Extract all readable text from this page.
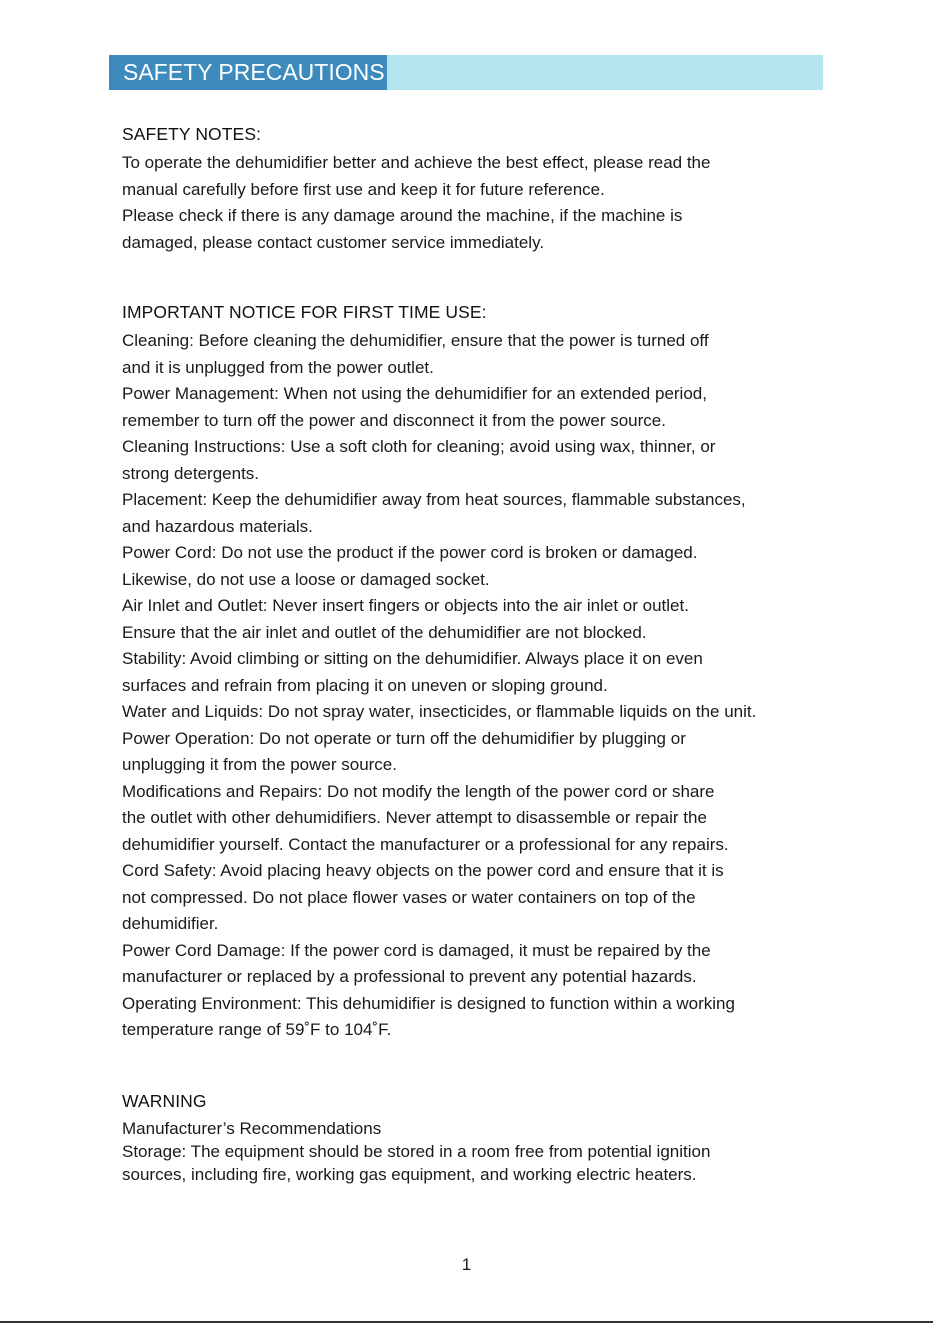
SAFETY PRECAUTIONS
SAFETY NOTES:

To operate the dehumidifier better and achieve the best effect, please read the

manual carefully before first use and keep it for future reference.

Please check if there is any damage around the machine, if the machine is

damaged, please contact customer service immediately.

IMPORTANT NOTICE FOR FIRST TIME USE:

Cleaning: Before cleaning the dehumidifier, ensure that the power is turned off

and it is unplugged from the power outlet.

Power Management: When not using the dehumidifier for an extended period,

remember to turn off the power and disconnect it from the power source.

Cleaning Instructions: Use a soft cloth for cleaning; avoid using wax, thinner, or

strong detergents.

Placement: Keep the dehumidifier away from heat sources, flammable substances,

and hazardous materials.

Power Cord: Do not use the product if the power cord is broken or damaged.

Likewise, do not use a loose or damaged socket.

Air Inlet and Outlet: Never insert fingers or objects into the air inlet or outlet.

Ensure that the air inlet and outlet of the dehumidifier are not blocked.

Stability: Avoid climbing or sitting on the dehumidifier. Always place it on even

surfaces and refrain from placing it on uneven or sloping ground.

Water and Liquids: Do not spray water, insecticides, or flammable liquids on the unit.

Power Operation: Do not operate or turn off the dehumidifier by plugging or

unplugging it from the power source.

Modifications and Repairs: Do not modify the length of the power cord or share

the outlet with other dehumidifiers. Never attempt to disassemble or repair the

dehumidifier yourself. Contact the manufacturer or a professional for any repairs.

Cord Safety: Avoid placing heavy objects on the power cord and ensure that it is

not compressed. Do not place flower vases or water containers on top of the

dehumidifier.

Power Cord Damage: If the power cord is damaged, it must be repaired by the

manufacturer or replaced by a professional to prevent any potential hazards.

Operating Environment: This dehumidifier is designed to function within a working

temperature range of 59˚F to 104˚F.

WARNING

Manufacturer’s Recommendations

Storage: The equipment should be stored in a room free from potential ignition

sources, including fire, working gas equipment, and working electric heaters.

1
